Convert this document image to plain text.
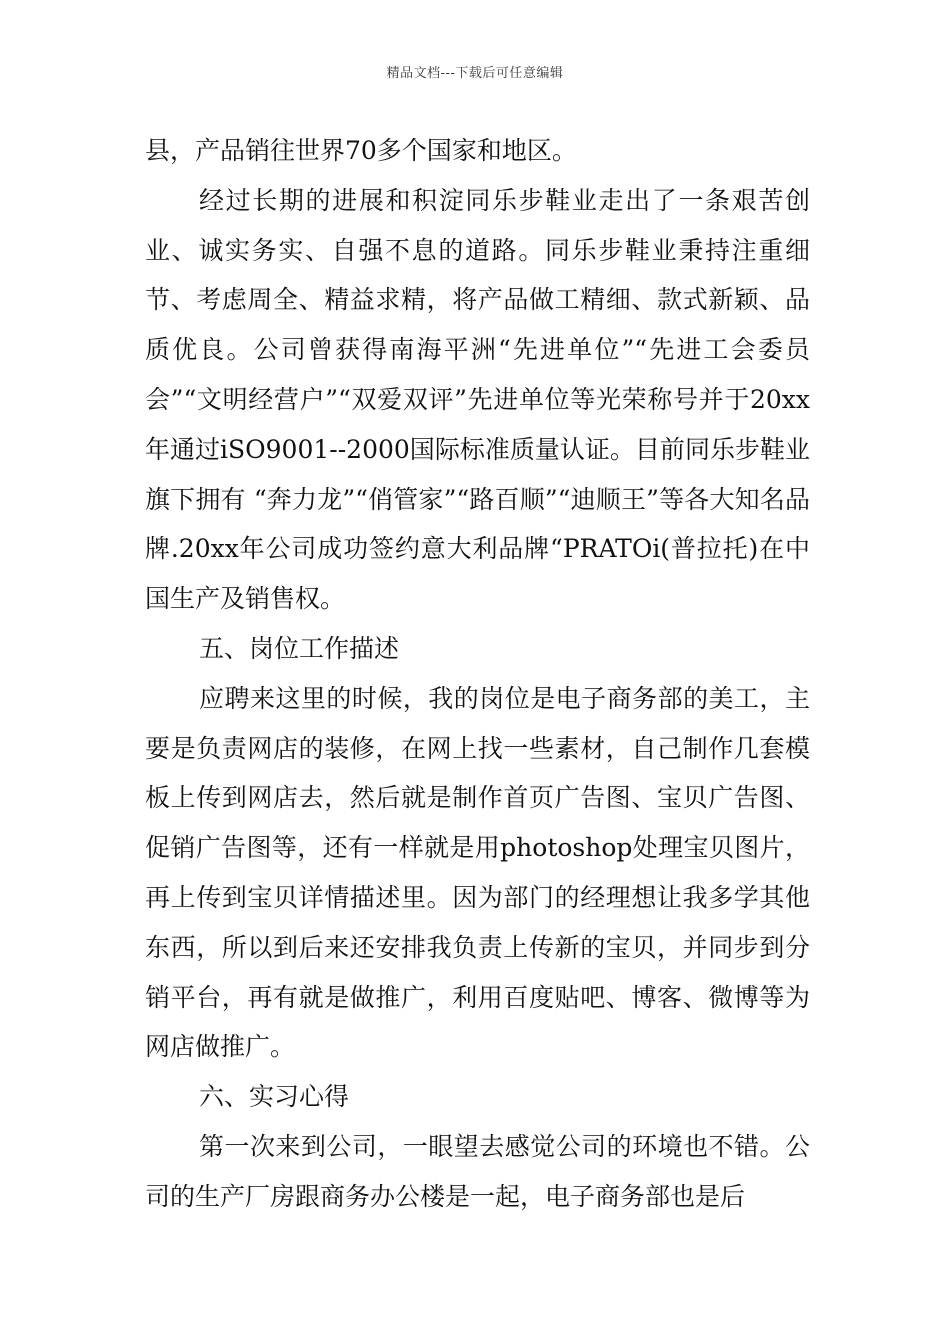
精品文档---下载后可任意编辑

县，产品销往世界70多个国家和地区。

经过长期的进展和积淀同乐步鞋业走出了一条艰苦创业、诚实务实、自强不息的道路。同乐步鞋业秉持注重细节、考虑周全、精益求精，将产品做工精细、款式新颖、品质优良。公司曾获得南海平洲“先进单位”“先进工会委员会”“文明经营户”“双爱双评”先进单位等光荣称号并于20xx年通过iSO9001--2000国际标准质量认证。目前同乐步鞋业旗下拥有 “奔力龙”“俏管家”“路百顺”“迪顺王”等各大知名品牌.20xx年公司成功签约意大利品牌“PRATOi(普拉托)在中国生产及销售权。

五、岗位工作描述

应聘来这里的时候，我的岗位是电子商务部的美工，主要是负责网店的装修，在网上找一些素材，自己制作几套模板上传到网店去，然后就是制作首页广告图、宝贝广告图、促销广告图等，还有一样就是用photoshop处理宝贝图片，再上传到宝贝详情描述里。因为部门的经理想让我多学其他东西，所以到后来还安排我负责上传新的宝贝，并同步到分销平台，再有就是做推广，利用百度贴吧、博客、微博等为网店做推广。

六、实习心得

第一次来到公司，一眼望去感觉公司的环境也不错。公司的生产厂房跟商务办公楼是一起，电子商务部也是后
